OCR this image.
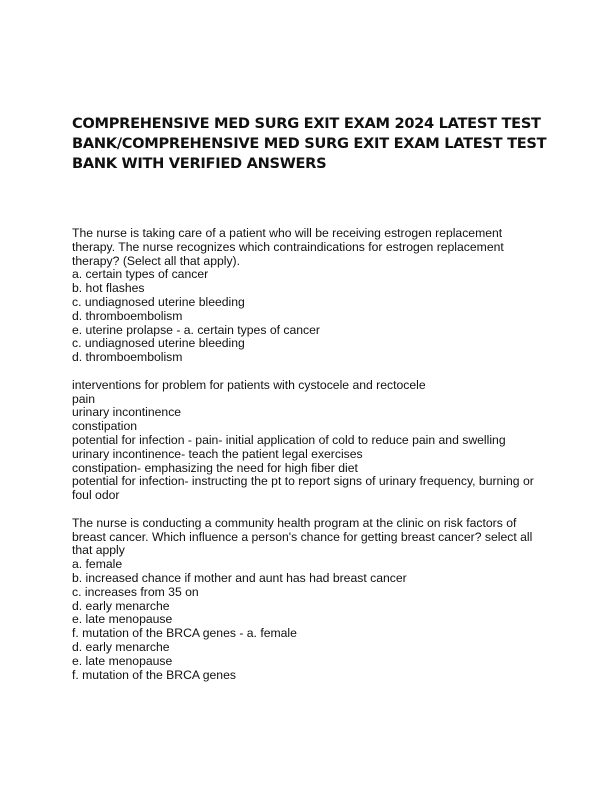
COMPREHENSIVE MED SURG EXIT EXAM 2024 LATEST TEST
BANK/COMPREHENSIVE MED SURG EXIT EXAM LATEST TEST
BANK WITH VERIFIED ANSWERS
The nurse is taking care of a patient who will be receiving estrogen replacement
therapy. The nurse recognizes which contraindications for estrogen replacement
therapy? (Select all that apply).
a. certain types of cancer
b. hot flashes
c. undiagnosed uterine bleeding
d. thromboembolism
e. uterine prolapse - a. certain types of cancer
c. undiagnosed uterine bleeding
d. thromboembolism
interventions for problem for patients with cystocele and rectocele
pain
urinary incontinence
constipation
potential for infection - pain- initial application of cold to reduce pain and swelling
urinary incontinence- teach the patient legal exercises
constipation- emphasizing the need for high fiber diet
potential for infection- instructing the pt to report signs of urinary frequency, burning or
foul odor
The nurse is conducting a community health program at the clinic on risk factors of
breast cancer. Which influence a person's chance for getting breast cancer? select all
that apply
a. female
b. increased chance if mother and aunt has had breast cancer
c. increases from 35 on
d. early menarche
e. late menopause
f. mutation of the BRCA genes - a. female
d. early menarche
e. late menopause
f. mutation of the BRCA genes
